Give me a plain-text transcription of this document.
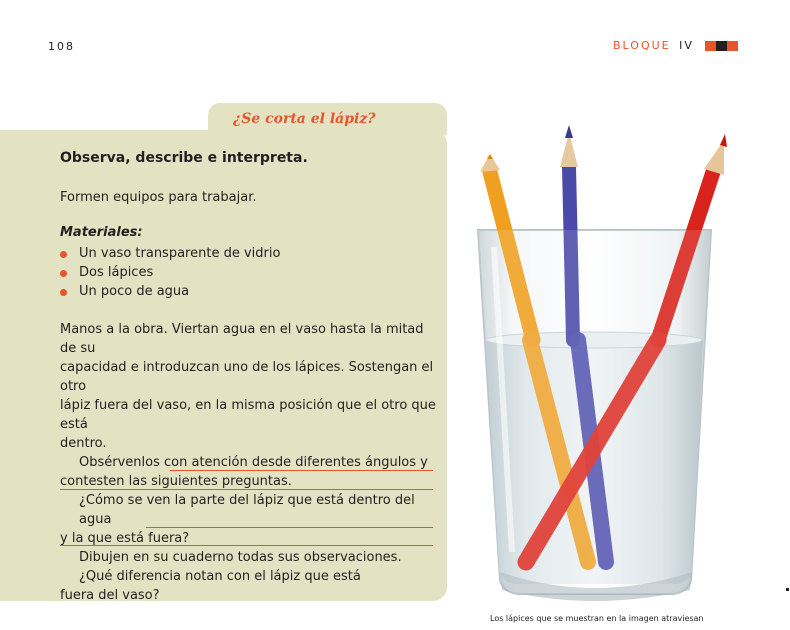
108	BLOQUE IV
¿Se corta el lápiz?
Observa, describe e interpreta.
Formen equipos para trabajar.
Materiales:
Un vaso transparente de vidrio
Dos lápices
Un poco de agua
Manos a la obra. Viertan agua en el vaso hasta la mitad de su
capacidad e introduzcan uno de los lápices. Sostengan el otro
lápiz fuera del vaso, en la misma posición que el otro que está
dentro.
Obsérvenlos con atención desde diferentes ángulos y
contesten las siguientes preguntas.
¿Cómo se ven la parte del lápiz que está dentro del agua
y la que está fuera?
¿Qué diferencia notan con el lápiz que está
fuera del vaso?
Dibujen en su cuaderno todas sus observaciones.
Los lápices que se muestran en la imagen atraviesan
